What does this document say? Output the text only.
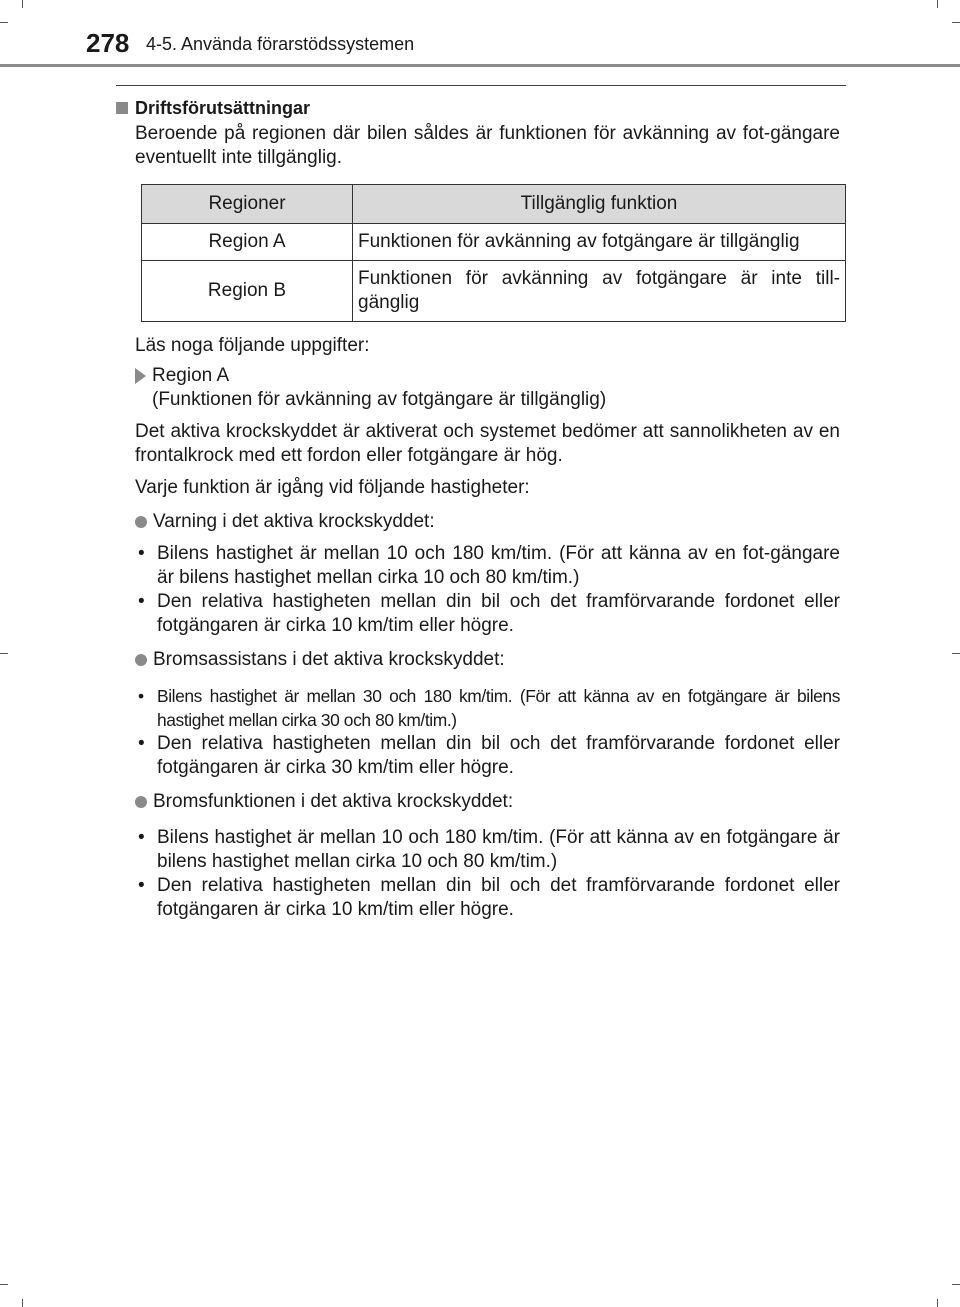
278 4-5. Använda förarstödssystemen
Driftsförutsättningar

Beroende på regionen där bilen såldes är funktionen för avkänning av fot-gängare eventuellt inte tillgänglig.

Regioner	Tillgänglig funktion
Region A	Funktionen för avkänning av fotgängare är tillgänglig
Region B	Funktionen för avkänning av fotgängare är inte till-gänglig

Läs noga följande uppgifter:

Region A
(Funktionen för avkänning av fotgängare är tillgänglig)

Det aktiva krockskyddet är aktiverat och systemet bedömer att sannolikheten av en frontalkrock med ett fordon eller fotgängare är hög.

Varje funktion är igång vid följande hastigheter:

Varning i det aktiva krockskyddet:
• Bilens hastighet är mellan 10 och 180 km/tim. (För att känna av en fot-gängare är bilens hastighet mellan cirka 10 och 80 km/tim.)
• Den relativa hastigheten mellan din bil och det framförvarande fordonet eller fotgängaren är cirka 10 km/tim eller högre.
Bromsassistans i det aktiva krockskyddet:
• Bilens hastighet är mellan 30 och 180 km/tim. (För att känna av en fotgängare är bilens hastighet mellan cirka 30 och 80 km/tim.)
• Den relativa hastigheten mellan din bil och det framförvarande fordonet eller fotgängaren är cirka 30 km/tim eller högre.
Bromsfunktionen i det aktiva krockskyddet:
• Bilens hastighet är mellan 10 och 180 km/tim. (För att känna av en fotgängare är bilens hastighet mellan cirka 10 och 80 km/tim.)
• Den relativa hastigheten mellan din bil och det framförvarande fordonet eller fotgängaren är cirka 10 km/tim eller högre.
